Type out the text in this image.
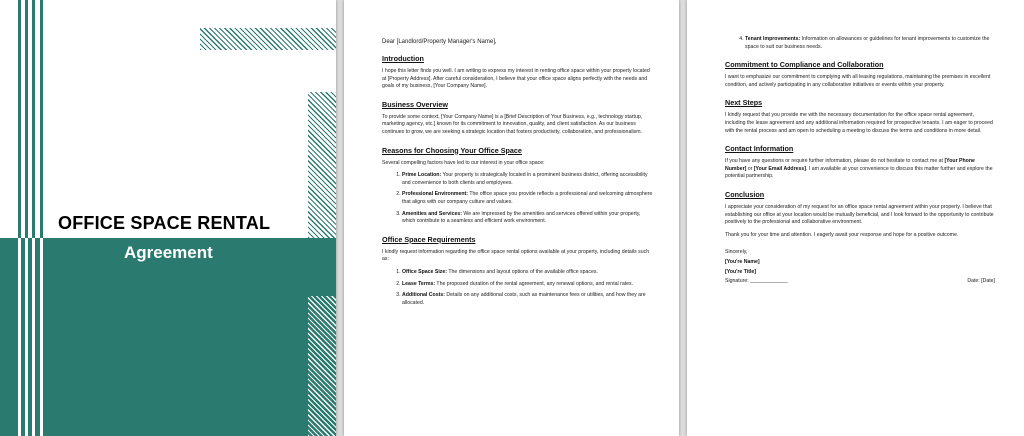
OFFICE SPACE RENTAL
Agreement
Dear [Landlord/Property Manager's Name],
Introduction

I hope this letter finds you well. I am writing to express my interest in renting office space within your property located at [Property Address]. After careful consideration, I believe that your office space aligns perfectly with the needs and goals of my business, [Your Company Name].

Business Overview

To provide some context, [Your Company Name] is a [Brief Description of Your Business, e.g., technology startup, marketing agency, etc.] known for its commitment to innovation, quality, and client satisfaction. As our business continues to grow, we are seeking a strategic location that fosters productivity, collaboration, and professionalism.

Reasons for Choosing Your Office Space

Several compelling factors have led to our interest in your office space:

1. Prime Location: Your property is strategically located in a prominent business district, offering accessibility and convenience to both clients and employees.
2. Professional Environment: The office space you provide reflects a professional and welcoming atmosphere that aligns with our company culture and values.
3. Amenities and Services: We are impressed by the amenities and services offered within your property, which contribute to a seamless and efficient work environment.
Office Space Requirements

I kindly request information regarding the office space rental options available at your property, including details such as:

1. Office Space Size: The dimensions and layout options of the available office spaces.
2. Lease Terms: The proposed duration of the rental agreement, any renewal options, and rental rates.
3. Additional Costs: Details on any additional costs, such as maintenance fees or utilities, and how they are allocated.
4. Tenant Improvements: Information on allowances or guidelines for tenant improvements to customize the space to suit our business needs.
Commitment to Compliance and Collaboration

I want to emphasize our commitment to complying with all leasing regulations, maintaining the premises in excellent condition, and actively participating in any collaborative initiatives or events within your property.

Next Steps

I kindly request that you provide me with the necessary documentation for the office space rental agreement, including the lease agreement and any additional information required for prospective tenants. I am eager to proceed with the rental process and am open to scheduling a meeting to discuss the terms and conditions in more detail.

Contact Information

If you have any questions or require further information, please do not hesitate to contact me at [Your Phone Number] or [Your Email Address]. I am available at your convenience to discuss this matter further and explore the potential partnership.

Conclusion

I appreciate your consideration of my request for an office space rental agreement within your property. I believe that establishing our office at your location would be mutually beneficial, and I look forward to the opportunity to contribute positively to the professional and collaborative environment.

Thank you for your time and attention. I eagerly await your response and hope for a positive outcome.

Sincerely,

[You're Name]

[You're Title]

Signature: _____________	Date: [Date]
